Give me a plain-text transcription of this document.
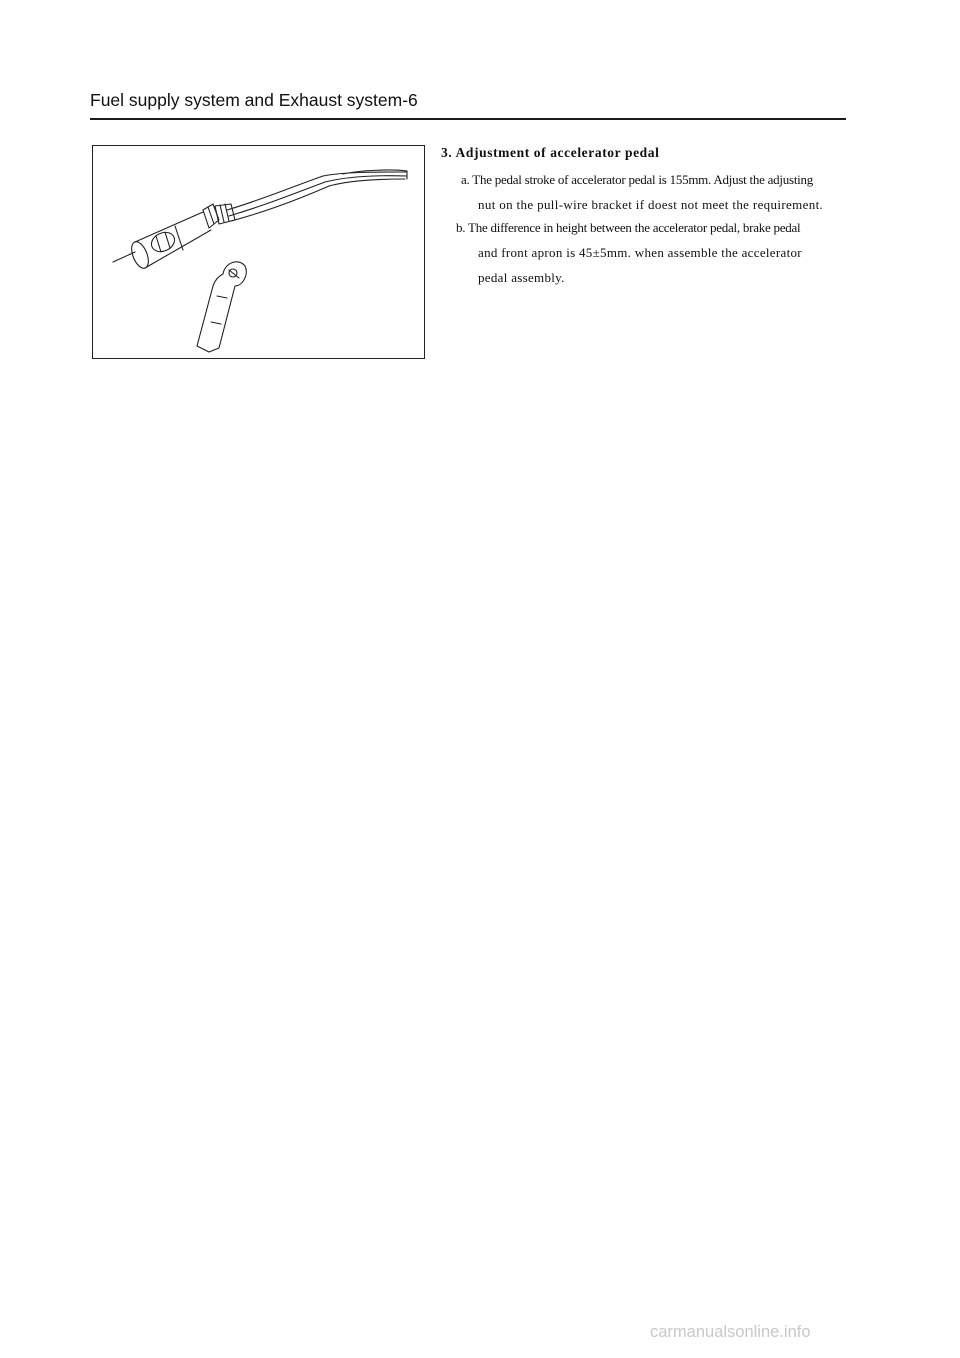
Fuel supply system and Exhaust system-6
3. Adjustment of accelerator pedal
a. The pedal stroke of accelerator pedal is 155mm. Adjust the adjusting
nut on the pull-wire bracket if doest not meet the requirement.
b. The difference in height between the accelerator pedal, brake pedal
and front apron is 45±5mm. when assemble the accelerator
pedal assembly.
carmanualsonline.info
